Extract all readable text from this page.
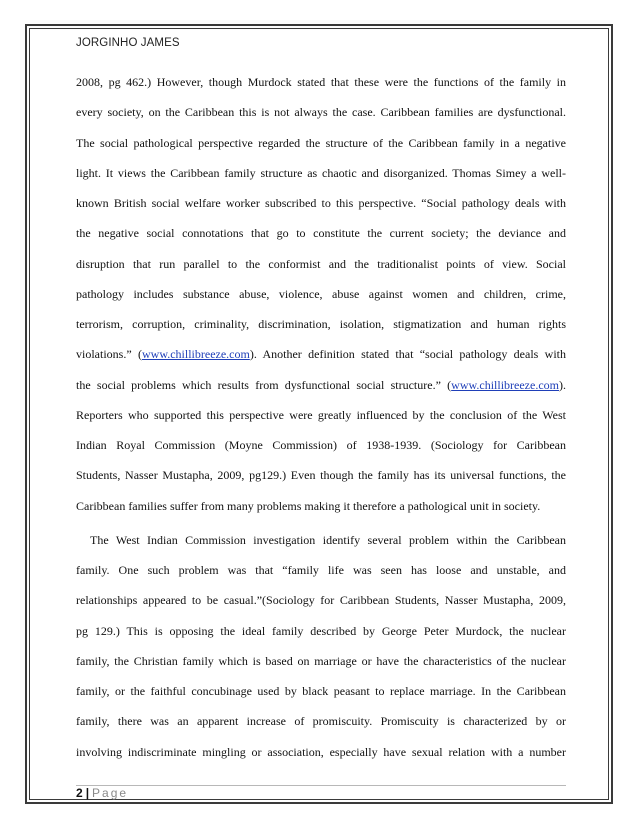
JORGINHO JAMES
2008, pg 462.) However, though Murdock stated that these were the functions of the family in
every society, on the Caribbean this is not always the case. Caribbean families are dysfunctional.
The social pathological perspective regarded the structure of the Caribbean family in a negative
light. It views the Caribbean family structure as chaotic and disorganized. Thomas Simey a well-
known British social welfare worker subscribed to this perspective. “Social pathology deals with
the negative social connotations that go to constitute the current society; the deviance and
disruption that run parallel to the conformist and the traditionalist points of view. Social
pathology includes substance abuse, violence, abuse against women and children, crime,
terrorism, corruption, criminality, discrimination, isolation, stigmatization and human rights
violations.” (www.chillibreeze.com). Another definition stated that “social pathology deals with
the social problems which results from dysfunctional social structure.” (www.chillibreeze.com).
Reporters who supported this perspective were greatly influenced by the conclusion of the West
Indian Royal Commission (Moyne Commission) of 1938-1939. (Sociology for Caribbean
Students, Nasser Mustapha, 2009, pg129.) Even though the family has its universal functions, the
Caribbean families suffer from many problems making it therefore a pathological unit in society.
The West Indian Commission investigation identify several problem within the Caribbean
family. One such problem was that “family life was seen has loose and unstable, and
relationships appeared to be casual.”(Sociology for Caribbean Students, Nasser Mustapha, 2009,
pg 129.) This is opposing the ideal family described by George Peter Murdock, the nuclear
family, the Christian family which is based on marriage or have the characteristics of the nuclear
family, or the faithful concubinage used by black peasant to replace marriage. In the Caribbean
family, there was an apparent increase of promiscuity. Promiscuity is characterized by or
involving indiscriminate mingling or association, especially have sexual relation with a number
2 | Page
